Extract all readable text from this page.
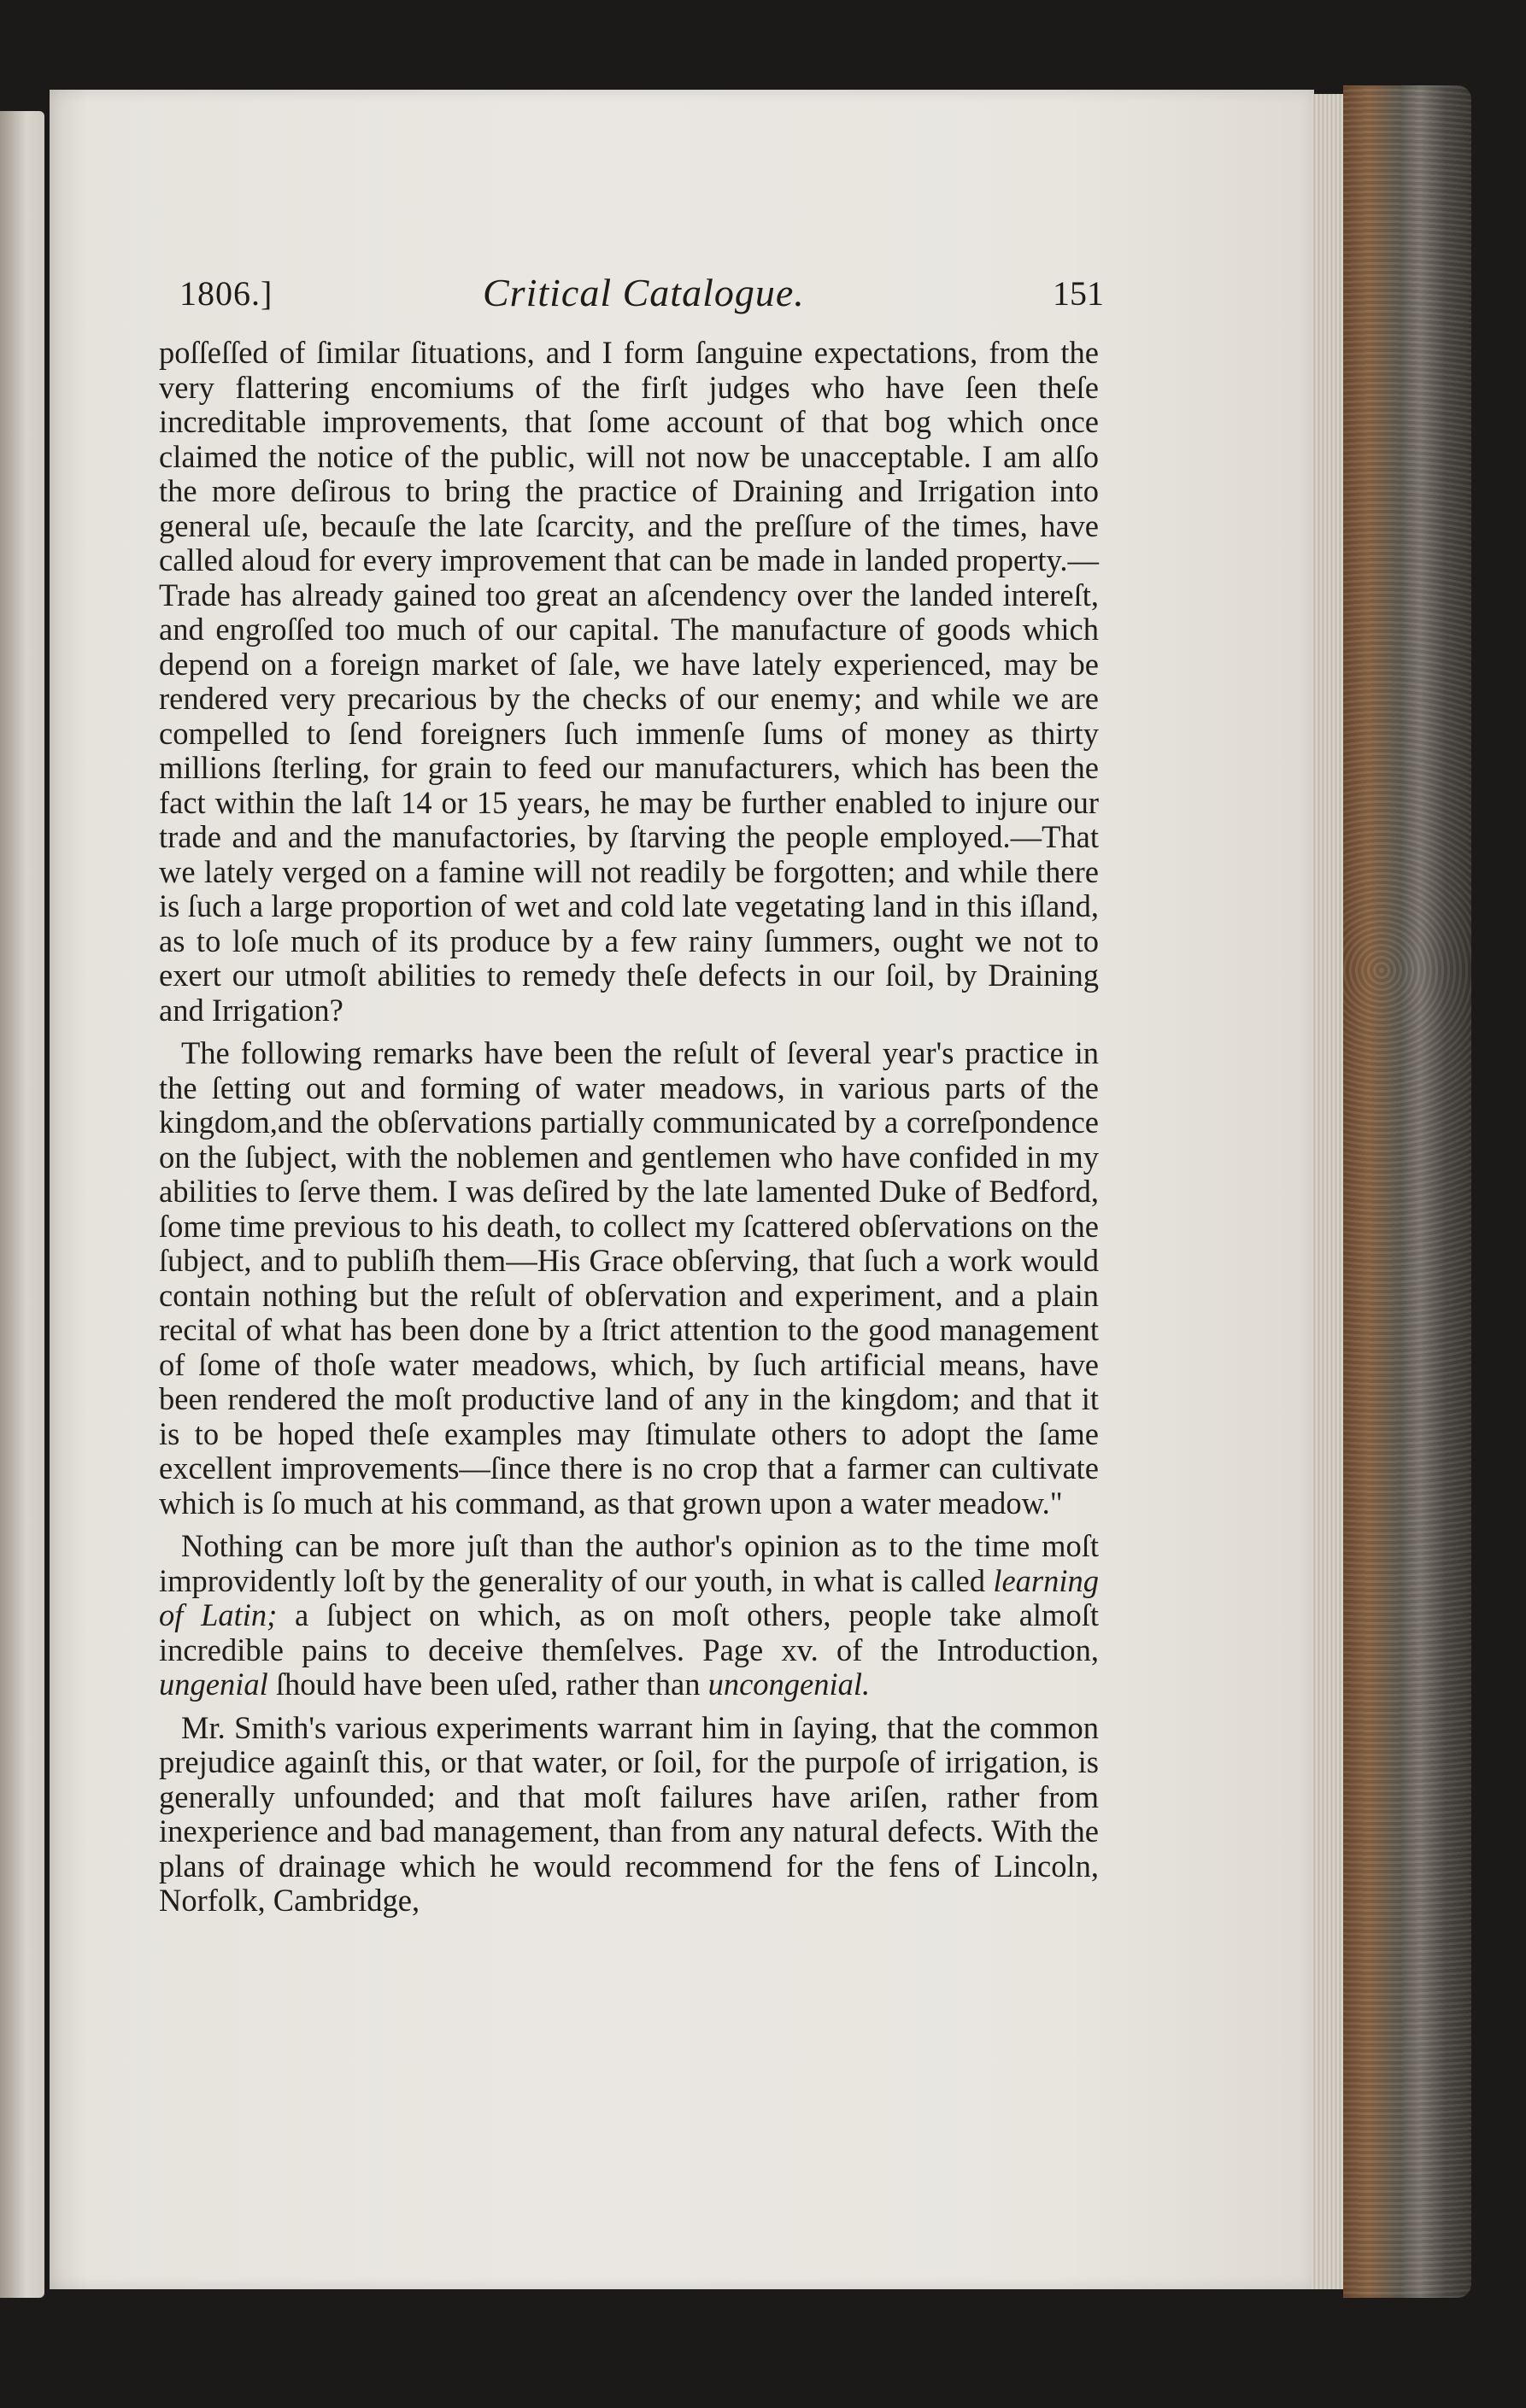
1806.]	Critical Catalogue.	151

poſſeſſed of ſimilar ſituations, and I form ſanguine expectations, from the very flattering encomiums of the firſt judges who have ſeen theſe increditable improvements, that ſome account of that bog which once claimed the notice of the public, will not now be unacceptable. I am alſo the more deſirous to bring the practice of Draining and Irrigation into general uſe, becauſe the late ſcarcity, and the preſſure of the times, have called aloud for every improvement that can be made in landed property.—Trade has already gained too great an aſcendency over the landed intereſt, and engroſſed too much of our capital. The manufacture of goods which depend on a foreign market of ſale, we have lately experienced, may be rendered very precarious by the checks of our enemy; and while we are compelled to ſend foreigners ſuch immenſe ſums of money as thirty millions ſterling, for grain to feed our manufacturers, which has been the fact within the laſt 14 or 15 years, he may be further enabled to injure our trade and and the manufactories, by ſtarving the people employed.—That we lately verged on a famine will not readily be forgotten; and while there is ſuch a large proportion of wet and cold late vegetating land in this iſland, as to loſe much of its produce by a few rainy ſummers, ought we not to exert our utmoſt abilities to remedy theſe defects in our ſoil, by Draining and Irrigation?

The following remarks have been the reſult of ſeveral year's practice in the ſetting out and forming of water meadows, in various parts of the kingdom,and the obſervations partially communicated by a correſpondence on the ſubject, with the noblemen and gentlemen who have confided in my abilities to ſerve them. I was deſired by the late lamented Duke of Bedford, ſome time previous to his death, to collect my ſcattered obſervations on the ſubject, and to publiſh them—His Grace obſerving, that ſuch a work would contain nothing but the reſult of obſervation and experiment, and a plain recital of what has been done by a ſtrict attention to the good management of ſome of thoſe water meadows, which, by ſuch artificial means, have been rendered the moſt productive land of any in the kingdom; and that it is to be hoped theſe examples may ſtimulate others to adopt the ſame excellent improvements—ſince there is no crop that a farmer can cultivate which is ſo much at his command, as that grown upon a water meadow."

Nothing can be more juſt than the author's opinion as to the time moſt improvidently loſt by the generality of our youth, in what is called learning of Latin; a ſubject on which, as on moſt others, people take almoſt incredible pains to deceive themſelves. Page xv. of the Introduction, ungenial ſhould have been uſed, rather than uncongenial.

Mr. Smith's various experiments warrant him in ſaying, that the common prejudice againſt this, or that water, or ſoil, for the purpoſe of irrigation, is generally unfounded; and that moſt failures have ariſen, rather from inexperience and bad management, than from any natural defects. With the plans of drainage which he would recommend for the fens of Lincoln, Norfolk, Cambridge,
